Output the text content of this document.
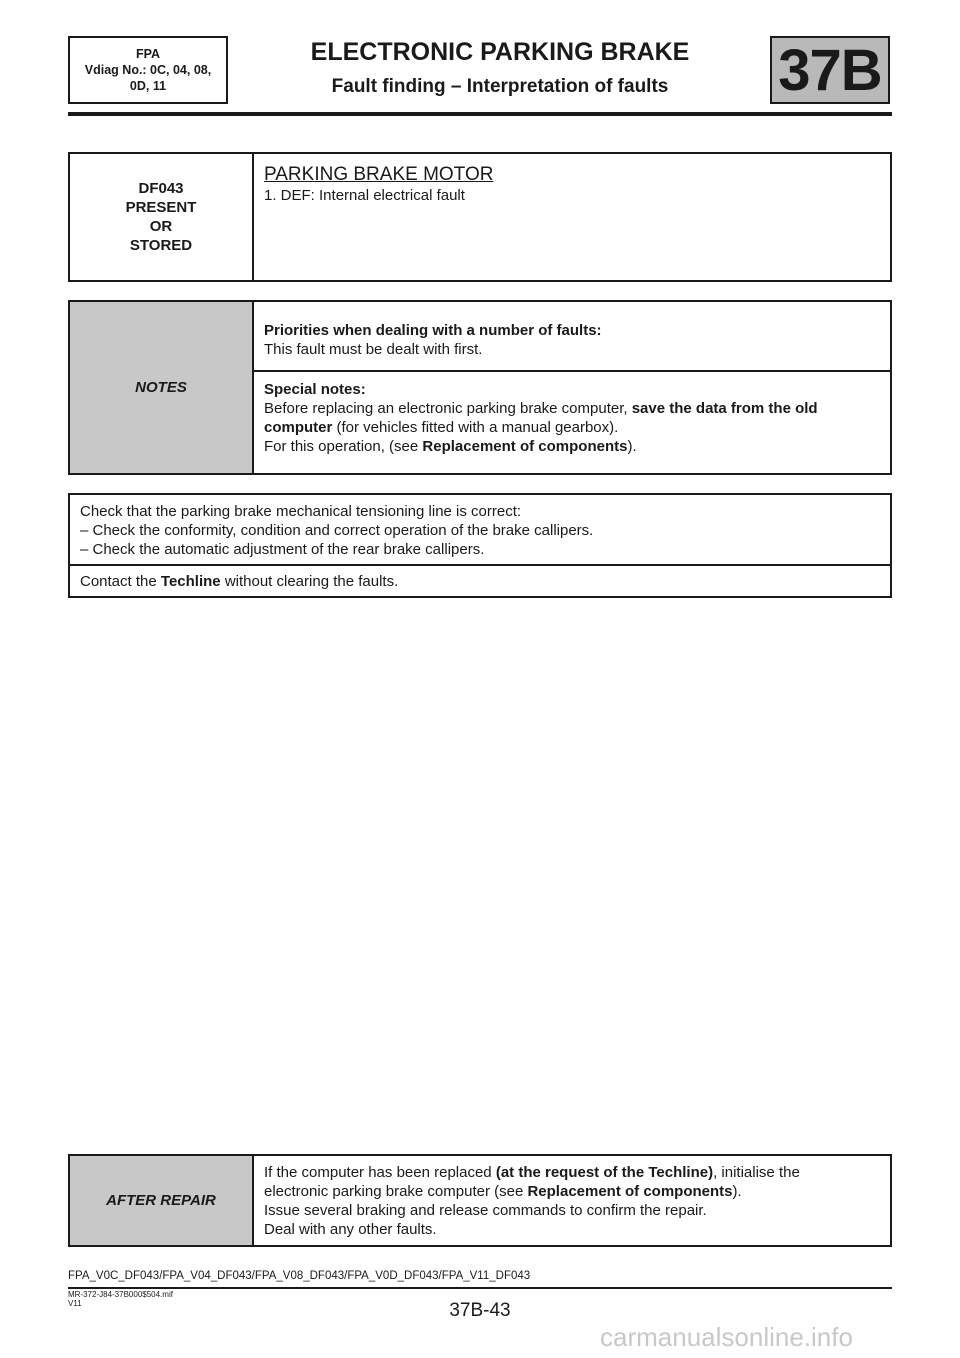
FPA
Vdiag No.: 0C, 04, 08,
0D, 11
ELECTRONIC PARKING BRAKE
Fault finding – Interpretation of faults	37B
DF043
PRESENT
OR
STORED

PARKING BRAKE MOTOR
1. DEF: Internal electrical fault
NOTES	
Priorities when dealing with a number of faults:
This fault must be dealt with first.

Special notes:
Before replacing an electronic parking brake computer, save the data from the old
computer (for vehicles fitted with a manual gearbox).
For this operation, (see Replacement of components).
Check that the parking brake mechanical tensioning line is correct:
– Check the conformity, condition and correct operation of the brake callipers.
– Check the automatic adjustment of the rear brake callipers.

Contact the Techline without clearing the faults.
AFTER REPAIR	
If the computer has been replaced (at the request of the Techline), initialise the
electronic parking brake computer (see Replacement of components).
Issue several braking and release commands to confirm the repair.
Deal with any other faults.
FPA_V0C_DF043/FPA_V04_DF043/FPA_V08_DF043/FPA_V0D_DF043/FPA_V11_DF043
MR-372-J84-37B000$504.mif
V11	37B-43
carmanualsonline.info
